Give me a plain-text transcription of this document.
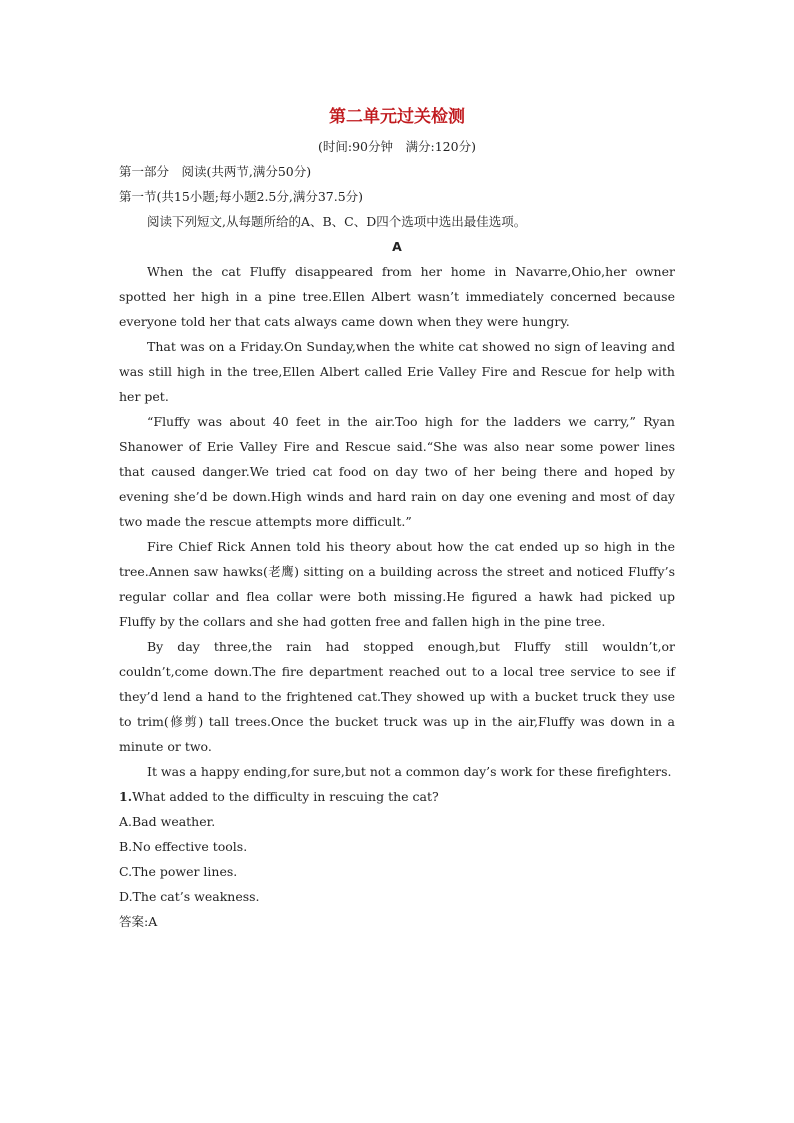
第二单元过关检测

(时间:90分钟　满分:120分)

第一部分　阅读(共两节,满分50分)

第一节(共15小题;每小题2.5分,满分37.5分)

阅读下列短文,从每题所给的A、B、C、D四个选项中选出最佳选项。

A

When the cat Fluffy disappeared from her home in Navarre,Ohio,her owner spotted her high in a pine tree.Ellen Albert wasn’t immediately concerned because everyone told her that cats always came down when they were hungry.

That was on a Friday.On Sunday,when the white cat showed no sign of leaving and was still high in the tree,Ellen Albert called Erie Valley Fire and Rescue for help with her pet.

“Fluffy was about 40 feet in the air.Too high for the ladders we carry,” Ryan Shanower of Erie Valley Fire and Rescue said.“She was also near some power lines that caused danger.We tried cat food on day two of her being there and hoped by evening she’d be down.High winds and hard rain on day one evening and most of day two made the rescue attempts more difficult.”

Fire Chief Rick Annen told his theory about how the cat ended up so high in the tree.Annen saw hawks(老鹰) sitting on a building across the street and noticed Fluffy’s regular collar and flea collar were both missing.He figured a hawk had picked up Fluffy by the collars and she had gotten free and fallen high in the pine tree.

By day three,the rain had stopped enough,but Fluffy still wouldn’t,or couldn’t,come down.The fire department reached out to a local tree service to see if they’d lend a hand to the frightened cat.They showed up with a bucket truck they use to trim(修剪) tall trees.Once the bucket truck was up in the air,Fluffy was down in a minute or two.

It was a happy ending,for sure,but not a common day’s work for these firefighters.

1.What added to the difficulty in rescuing the cat?

A.Bad weather.

B.No effective tools.

C.The power lines.

D.The cat’s weakness.

答案:A
